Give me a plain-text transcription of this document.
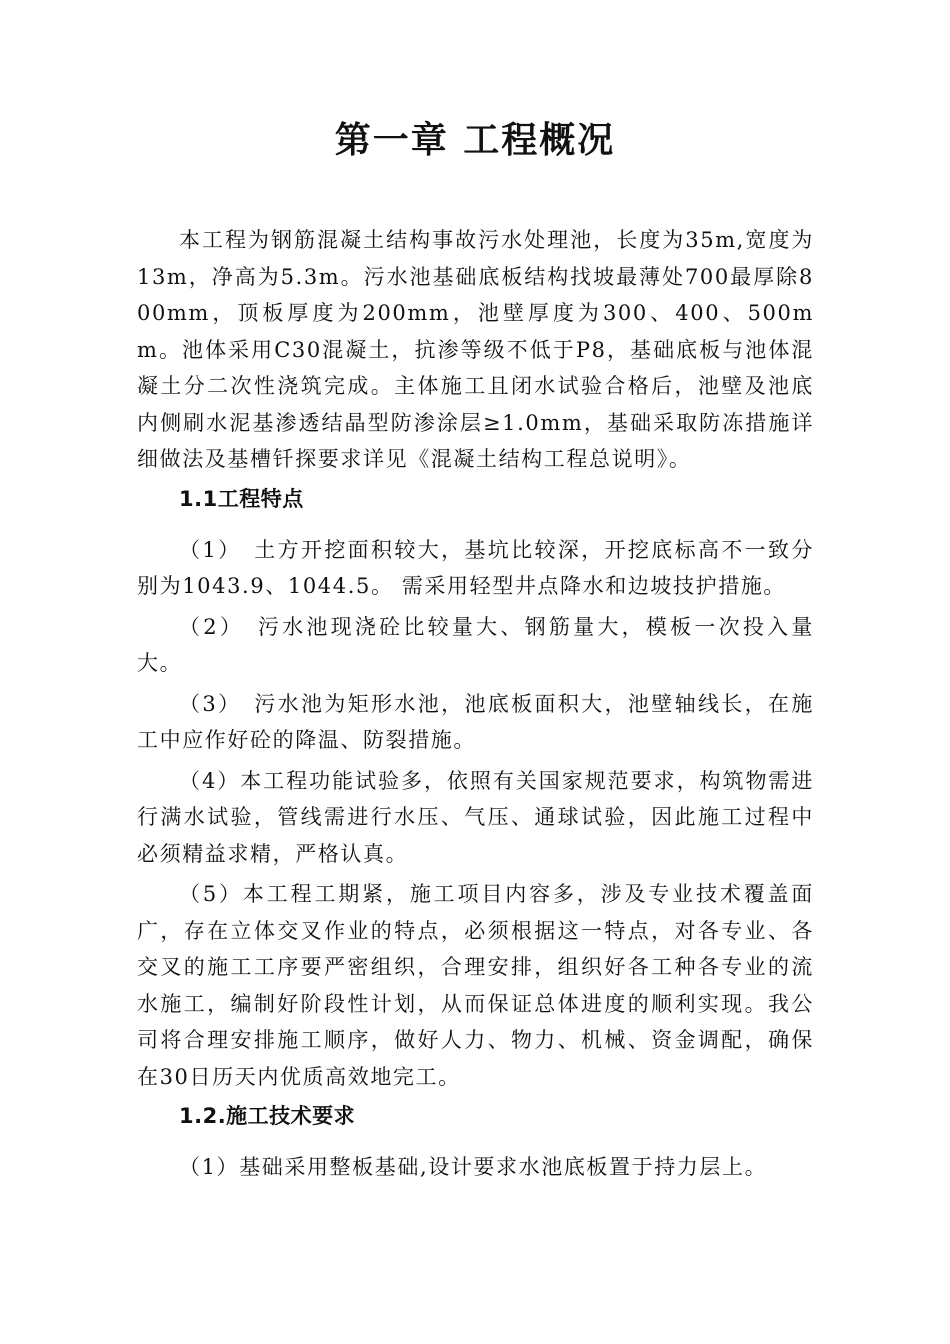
第一章 工程概况

本工程为钢筋混凝土结构事故污水处理池，长度为35m,宽度为13m，净高为5.3m。污水池基础底板结构找坡最薄处700最厚除800mm，顶板厚度为200mm，池壁厚度为300、400、500mm。池体采用C30混凝土，抗渗等级不低于P8，基础底板与池体混凝土分二次性浇筑完成。主体施工且闭水试验合格后，池壁及池底内侧刷水泥基渗透结晶型防渗涂层≥1.0mm，基础采取防冻措施详细做法及基槽钎探要求详见《混凝土结构工程总说明》。

1.1工程特点

（1）　土方开挖面积较大，基坑比较深，开挖底标高不一致分别为1043.9、1044.5。 需采用轻型井点降水和边坡技护措施。

（2）　污水池现浇砼比较量大、钢筋量大，模板一次投入量大。

（3）　污水池为矩形水池，池底板面积大，池壁轴线长，在施工中应作好砼的降温、防裂措施。

（4）本工程功能试验多，依照有关国家规范要求，构筑物需进行满水试验，管线需进行水压、气压、通球试验，因此施工过程中必须精益求精，严格认真。

（5）本工程工期紧，施工项目内容多，涉及专业技术覆盖面广，存在立体交叉作业的特点，必须根据这一特点，对各专业、各交叉的施工工序要严密组织，合理安排，组织好各工种各专业的流水施工，编制好阶段性计划，从而保证总体进度的顺利实现。我公司将合理安排施工顺序，做好人力、物力、机械、资金调配，确保在30日历天内优质高效地完工。

1.2.施工技术要求

（1）基础采用整板基础,设计要求水池底板置于持力层上。
